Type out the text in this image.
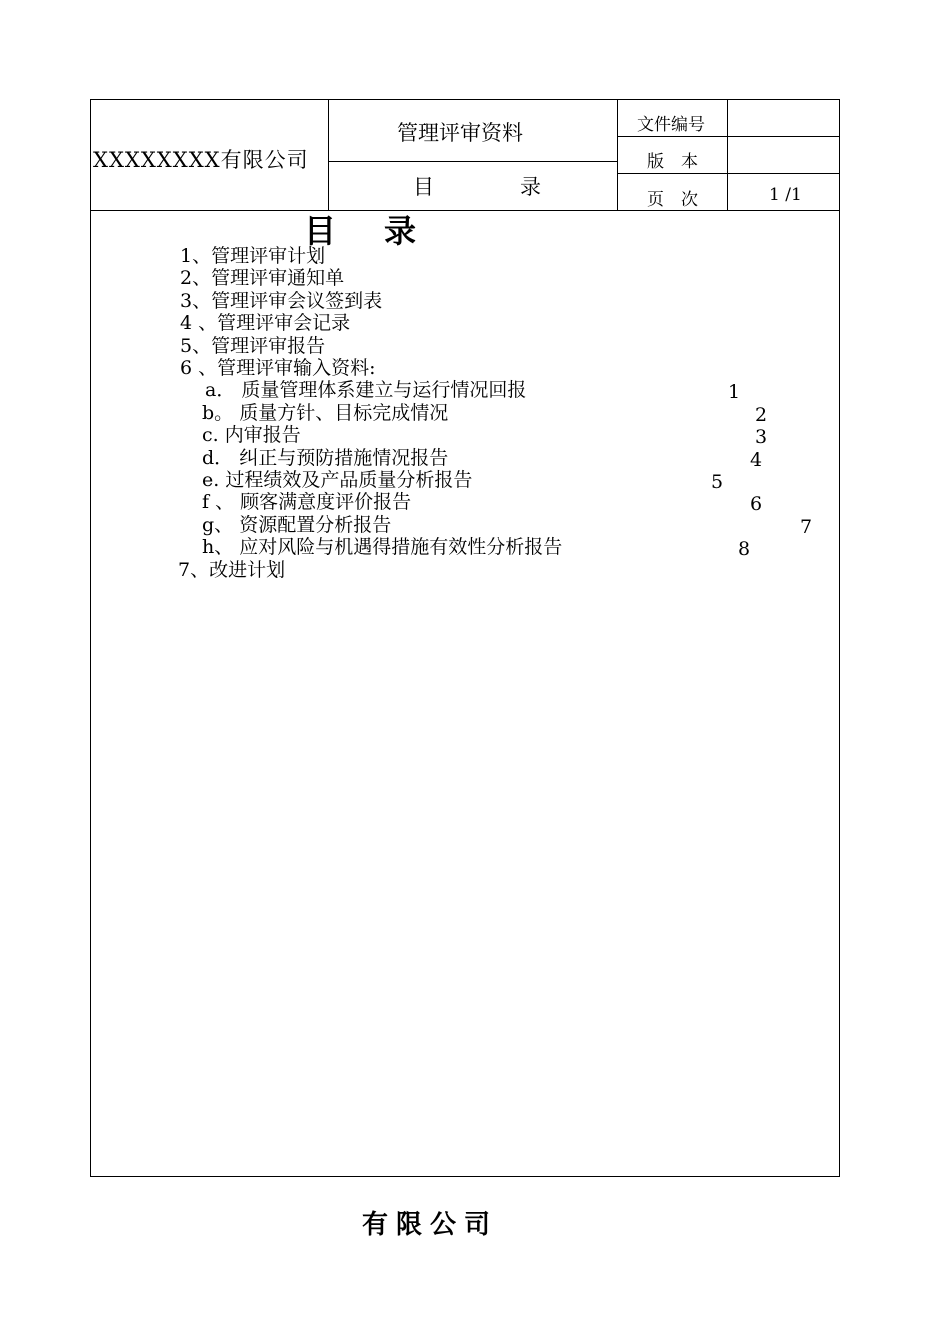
XXXXXXXX有限公司
管理评审资料
目	录
文件编号
版　本
页　次	1 /1
目 录
1、管理评审计划
2、管理评审通知单
3、管理评审会议签到表
4 、管理评审会记录
5、管理评审报告
6 、管理评审输入资料:
a． 质量管理体系建立与运行情况回报	1
b。 质量方针、目标完成情况	2
c. 内审报告	3
d． 纠正与预防措施情况报告	4
e. 过程绩效及产品质量分析报告	5
f 、 顾客满意度评价报告	6
g、 资源配置分析报告	7
h、 应对风险与机遇得措施有效性分析报告	8
7、改进计划
有限公司
